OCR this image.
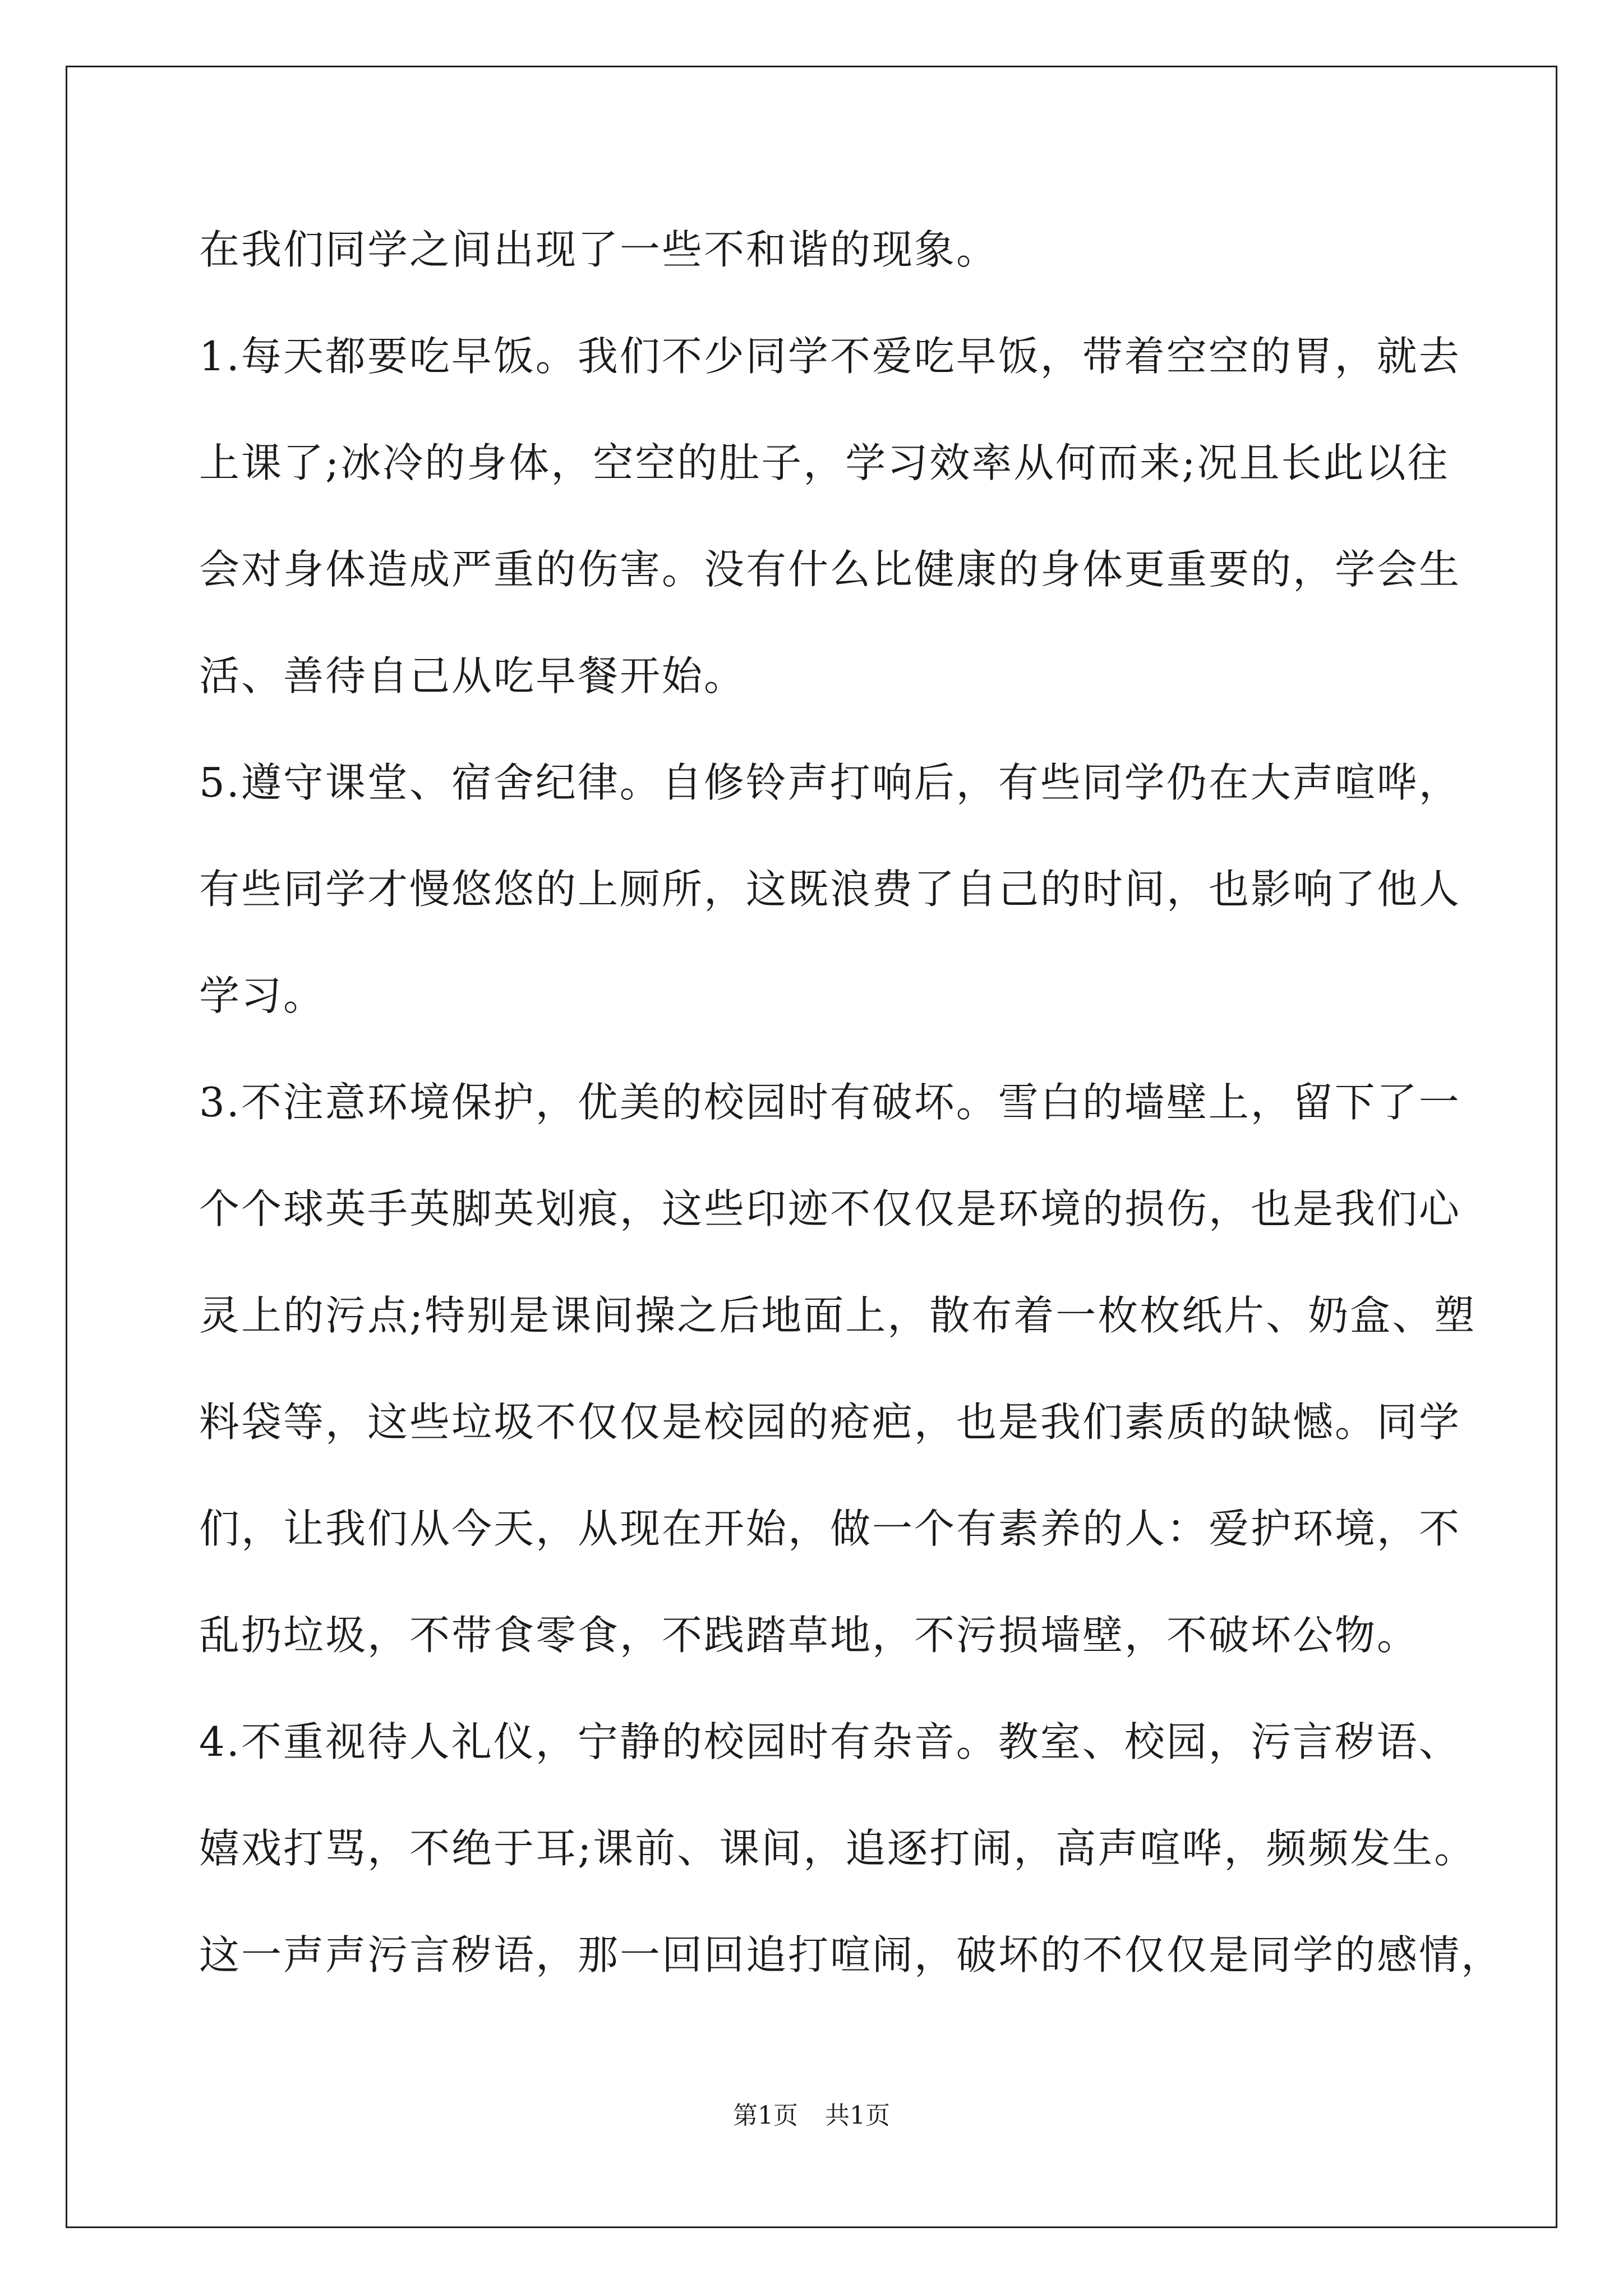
在我们同学之间出现了一些不和谐的现象。
1.每天都要吃早饭。我们不少同学不爱吃早饭，带着空空的胃，就去
上课了;冰冷的身体，空空的肚子，学习效率从何而来;况且长此以往
会对身体造成严重的伤害。没有什么比健康的身体更重要的，学会生
活、善待自己从吃早餐开始。
5.遵守课堂、宿舍纪律。自修铃声打响后，有些同学仍在大声喧哗，
有些同学才慢悠悠的上厕所，这既浪费了自己的时间，也影响了他人
学习。
3.不注意环境保护，优美的校园时有破坏。雪白的墙壁上，留下了一
个个球英手英脚英划痕，这些印迹不仅仅是环境的损伤，也是我们心
灵上的污点;特别是课间操之后地面上，散布着一枚枚纸片、奶盒、塑
料袋等，这些垃圾不仅仅是校园的疮疤，也是我们素质的缺憾。同学
们，让我们从今天，从现在开始，做一个有素养的人：爱护环境，不
乱扔垃圾，不带食零食，不践踏草地，不污损墙壁，不破坏公物。
4.不重视待人礼仪，宁静的校园时有杂音。教室、校园，污言秽语、
嬉戏打骂，不绝于耳;课前、课间，追逐打闹，高声喧哗，频频发生。
这一声声污言秽语，那一回回追打喧闹，破坏的不仅仅是同学的感情，
第1页 共1页
